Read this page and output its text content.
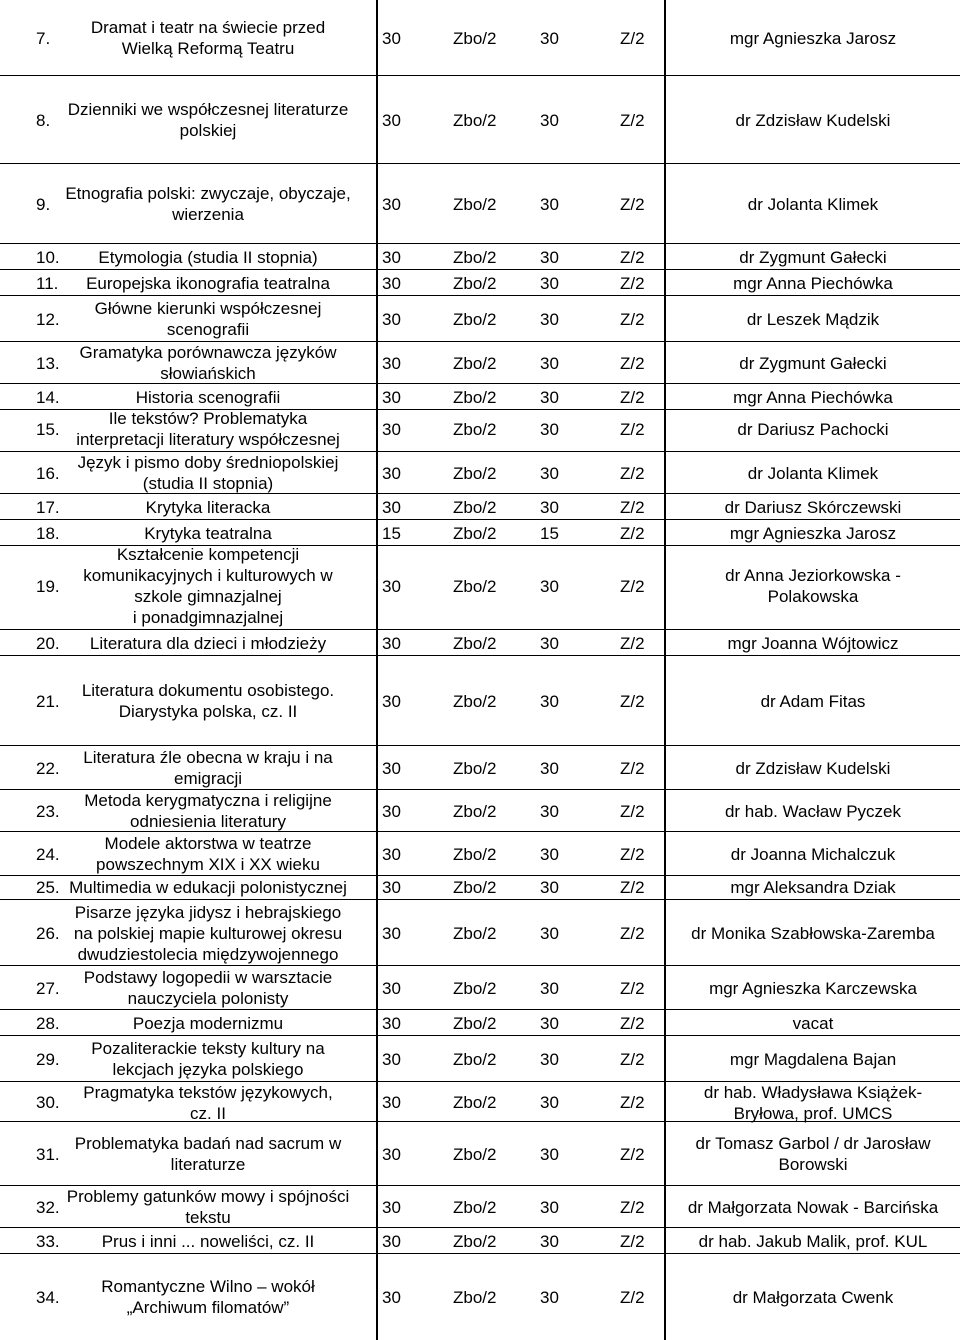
7.
Dramat i teatr na świecie przed
Wielką Reformą Teatru
30	Zbo/2	30	Z/2	mgr Agnieszka Jarosz
8.
Dzienniki we współczesnej literaturze
polskiej
30	Zbo/2	30	Z/2	dr Zdzisław Kudelski
9.
Etnografia polski: zwyczaje, obyczaje,
wierzenia
30	Zbo/2	30	Z/2	dr Jolanta Klimek
10.	Etymologia (studia II stopnia)	30	Zbo/2	30	Z/2	dr Zygmunt Gałecki
11.	Europejska ikonografia teatralna	30	Zbo/2	30	Z/2	mgr Anna Piechówka
12.
Główne kierunki współczesnej
scenografii
30	Zbo/2	30	Z/2	dr Leszek Mądzik
13.
Gramatyka porównawcza języków
słowiańskich
30	Zbo/2	30	Z/2	dr Zygmunt Gałecki
14.	Historia scenografii	30	Zbo/2	30	Z/2	mgr Anna Piechówka
15.
Ile tekstów? Problematyka
interpretacji literatury współczesnej
30	Zbo/2	30	Z/2	dr Dariusz Pachocki
16.
Język i pismo doby średniopolskiej
(studia II stopnia)
30	Zbo/2	30	Z/2	dr Jolanta Klimek
17.	Krytyka literacka	30	Zbo/2	30	Z/2	dr Dariusz Skórczewski
18.	Krytyka teatralna	15	Zbo/2	15	Z/2	mgr Agnieszka Jarosz
19.
Kształcenie kompetencji
komunikacyjnych i kulturowych w
szkole gimnazjalnej
i ponadgimnazjalnej
30	Zbo/2	30	Z/2
dr Anna Jeziorkowska -
Polakowska
20.	Literatura dla dzieci i młodzieży	30	Zbo/2	30	Z/2	mgr Joanna Wójtowicz
21.
Literatura dokumentu osobistego.
Diarystyka polska, cz. II
30	Zbo/2	30	Z/2	dr Adam Fitas
22.
Literatura źle obecna w kraju i na
emigracji
30	Zbo/2	30	Z/2	dr Zdzisław Kudelski
23.
Metoda kerygmatyczna i religijne
odniesienia literatury
30	Zbo/2	30	Z/2	dr hab. Wacław Pyczek
24.
Modele aktorstwa w teatrze
powszechnym XIX i XX wieku
30	Zbo/2	30	Z/2	dr Joanna Michalczuk
25. Multimedia w edukacji polonistycznej	30	Zbo/2	30	Z/2	mgr Aleksandra Dziak
26.
Pisarze języka jidysz i hebrajskiego
na polskiej mapie kulturowej okresu
dwudziestolecia międzywojennego
30	Zbo/2	30	Z/2	dr Monika Szabłowska-Zaremba
27.
Podstawy logopedii w warsztacie
nauczyciela polonisty
30	Zbo/2	30	Z/2	mgr Agnieszka Karczewska
28.	Poezja modernizmu	30	Zbo/2	30	Z/2	vacat
29.
Pozaliterackie teksty kultury na
lekcjach języka polskiego
30	Zbo/2	30	Z/2	mgr Magdalena Bajan
30.
Pragmatyka tekstów językowych,
cz. II
30	Zbo/2	30	Z/2
dr hab. Władysława Książek-
Bryłowa, prof. UMCS
31.
Problematyka badań nad sacrum w
literaturze
30	Zbo/2	30	Z/2
dr Tomasz Garbol / dr Jarosław
Borowski
32.
Problemy gatunków mowy i spójności
tekstu
30	Zbo/2	30	Z/2	dr Małgorzata Nowak - Barcińska
33.	Prus i inni ... noweliści, cz. II	30	Zbo/2	30	Z/2	dr hab. Jakub Malik, prof. KUL
34.
Romantyczne Wilno – wokół
„Archiwum filomatów”
30	Zbo/2	30	Z/2	dr Małgorzata Cwenk
